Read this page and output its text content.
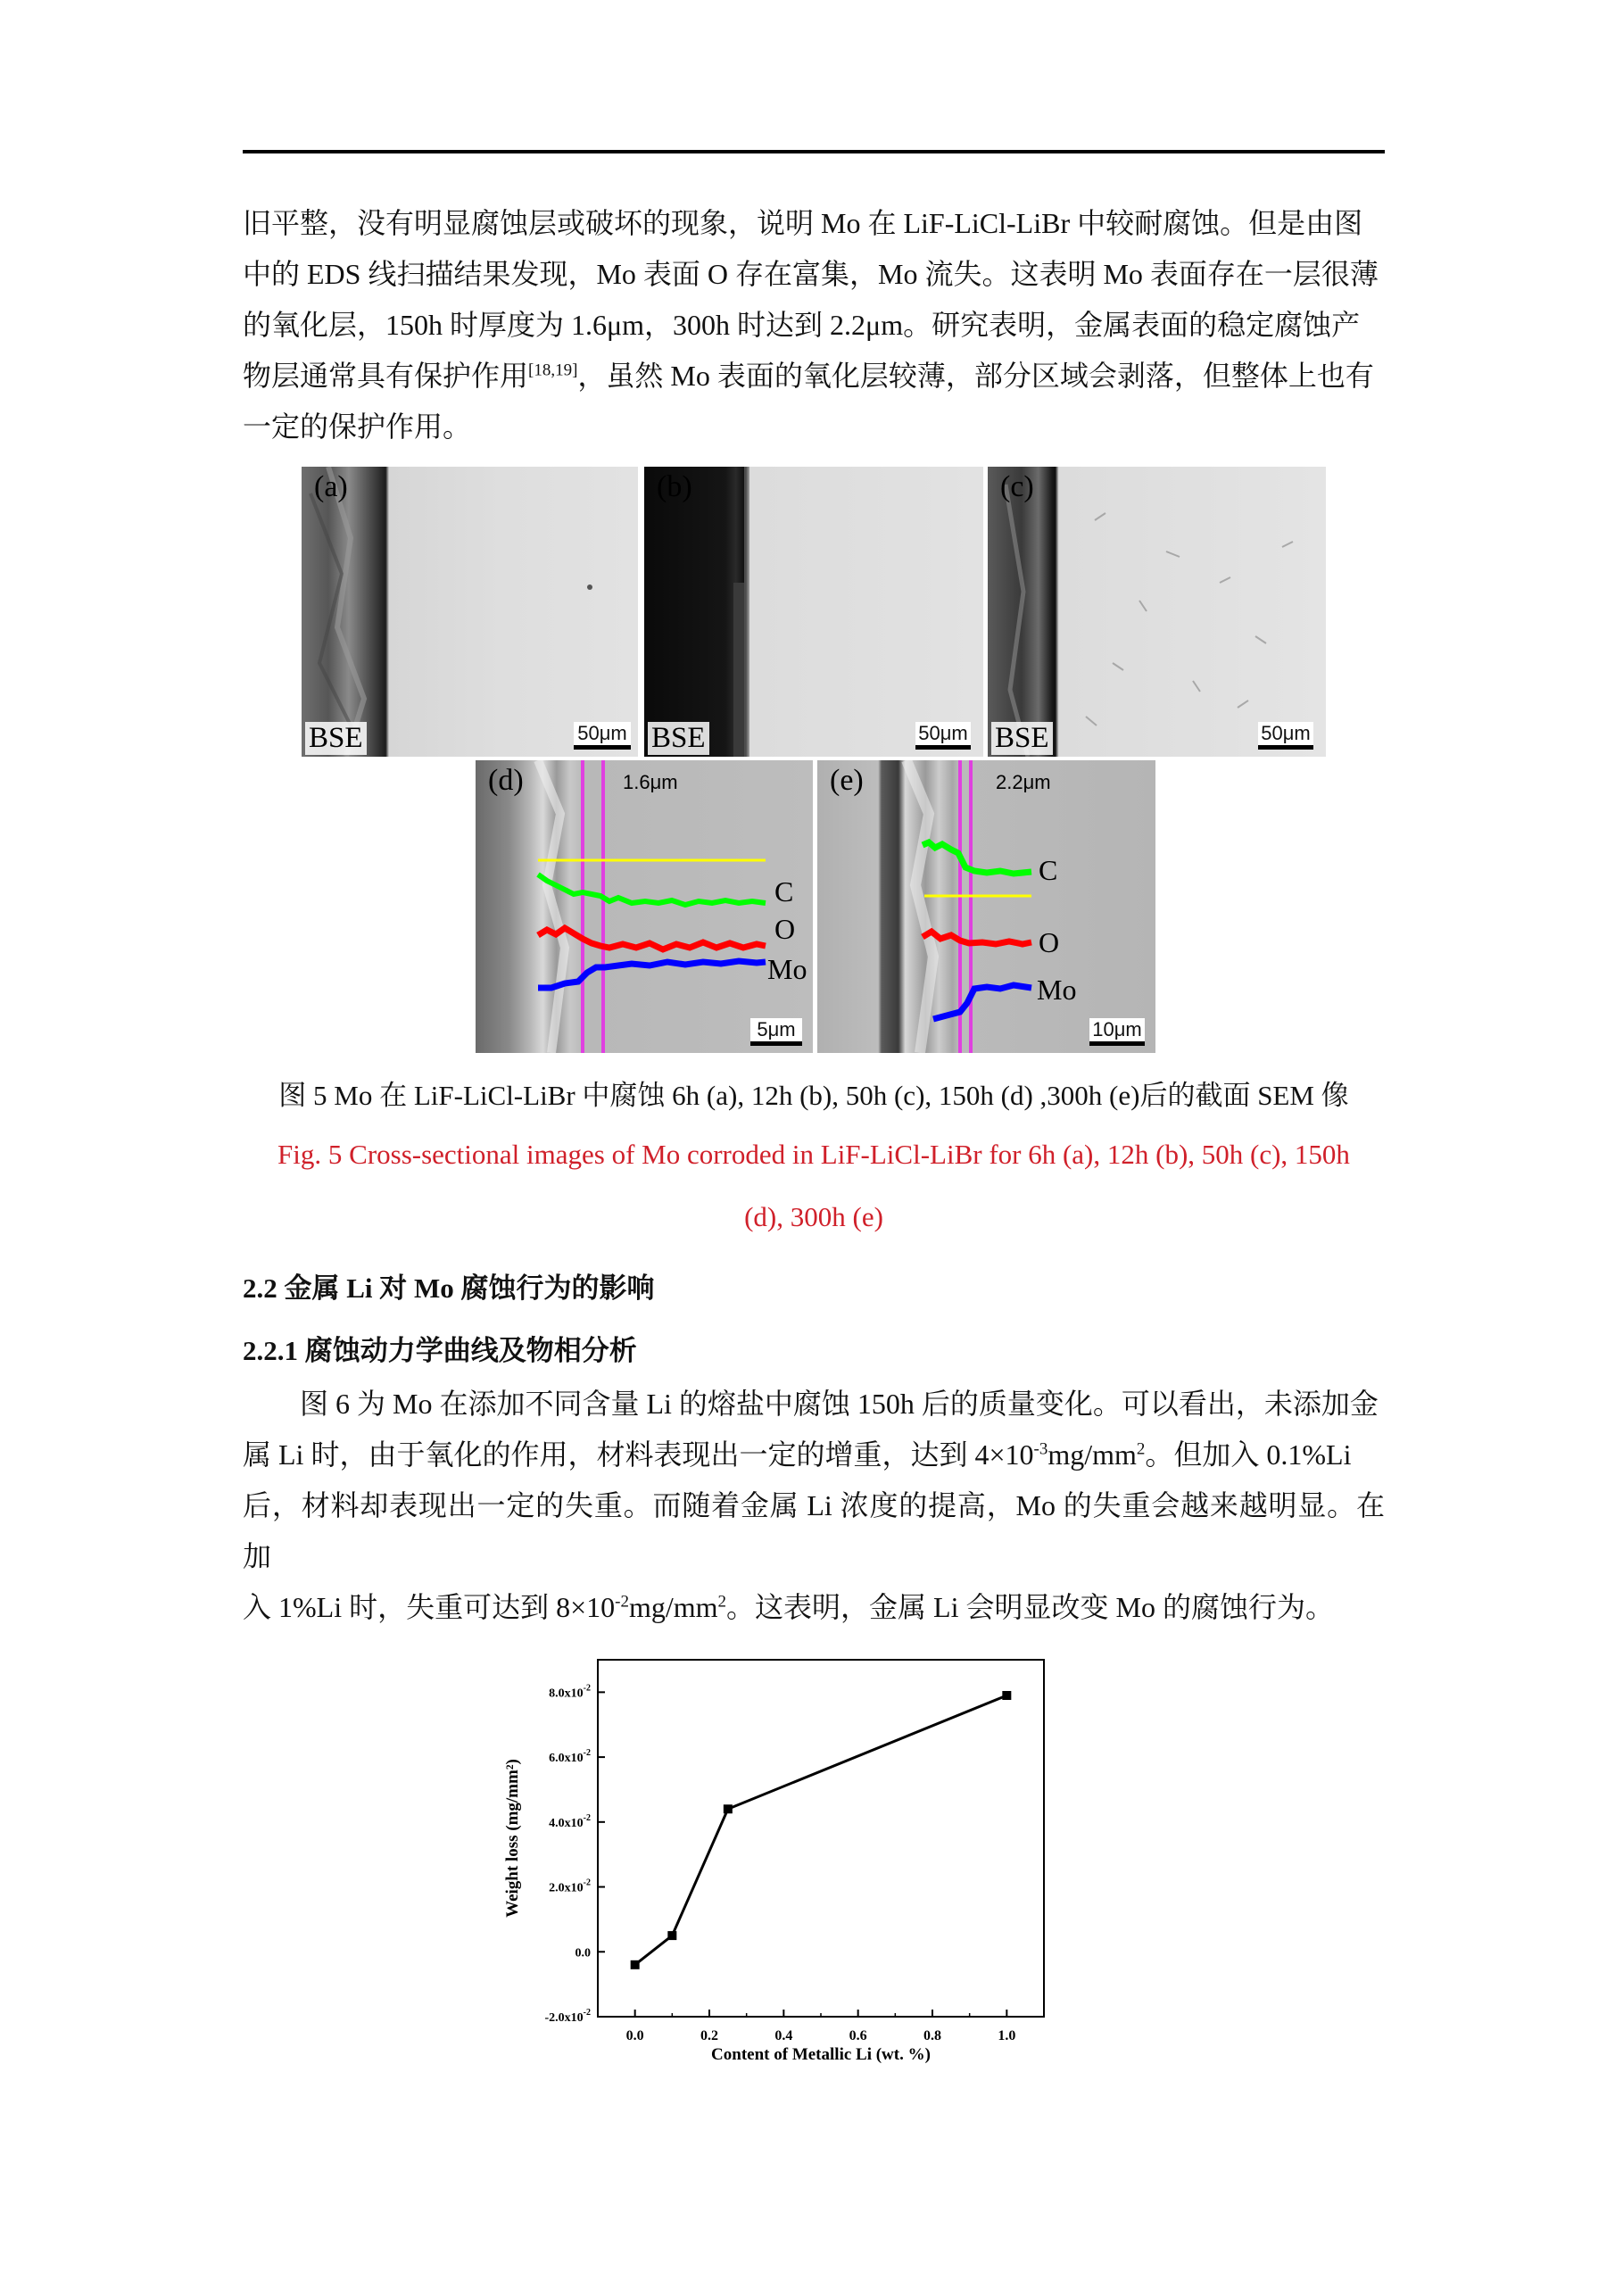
旧平整，没有明显腐蚀层或破坏的现象，说明 Mo 在 LiF-LiCl-LiBr 中较耐腐蚀。但是由图
中的 EDS 线扫描结果发现，Mo 表面 O 存在富集，Mo 流失。这表明 Mo 表面存在一层很薄
的氧化层，150h 时厚度为 1.6μm，300h 时达到 2.2μm。研究表明，金属表面的稳定腐蚀产
物层通常具有保护作用[18,19]，虽然 Mo 表面的氧化层较薄，部分区域会剥落，但整体上也有
一定的保护作用。

(a)
BSE	50μm
(b)
BSE	50μm
(c)
BSE	50μm
1.6μm
C
O
Mo
(d)
5μm
2.2μm
C
O
Mo
(e)
10μm

图 5 Mo 在 LiF-LiCl-LiBr 中腐蚀 6h (a), 12h (b), 50h (c), 150h (d) ,300h (e)后的截面 SEM 像

Fig. 5 Cross-sectional images of Mo corroded in LiF-LiCl-LiBr for 6h (a), 12h (b), 50h (c), 150h

(d), 300h (e)

2.2 金属 Li 对 Mo 腐蚀行为的影响

2.2.1 腐蚀动力学曲线及物相分析

图 6 为 Mo 在添加不同含量 Li 的熔盐中腐蚀 150h 后的质量变化。可以看出，未添加金
属 Li 时，由于氧化的作用，材料表现出一定的增重，达到 $4\times 10^{-3}mg/mm^2$。但加入 0.1%Li
后，材料却表现出一定的失重。而随着金属 Li 浓度的提高，Mo 的失重会越来越明显。在加
入 1%Li 时，失重可达到 $8\times 10^{-2}mg/mm^2$。这表明，金属 Li 会明显改变 Mo 的腐蚀行为。

0.0	0.2	0.4	0.6	0.8	1.0
$-2.0x10^{-2}$
0.0
$2.0x10^{-2}$
$4.0x10^{-2}$
$6.0x10^{-2}$
$8.0x10^{-2}$
Content of Metallic Li (wt. %)
Weight loss (mg/mm²)
